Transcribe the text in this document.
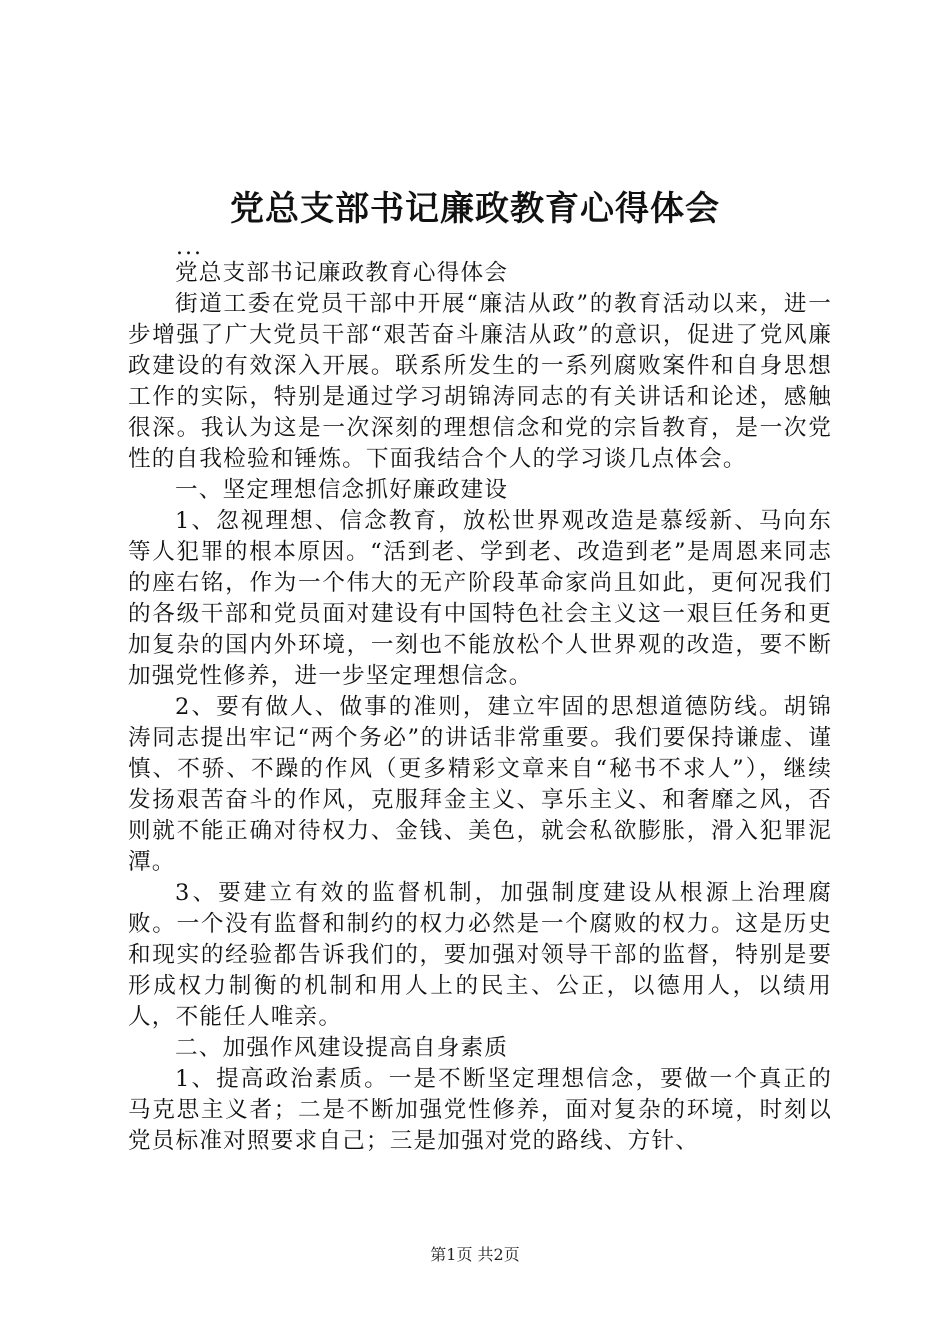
党总支部书记廉政教育心得体会
...

党总支部书记廉政教育心得体会

街道工委在党员干部中开展“廉洁从政”的教育活动以来，进一步增强了广大党员干部“艰苦奋斗廉洁从政”的意识，促进了党风廉政建设的有效深入开展。联系所发生的一系列腐败案件和自身思想工作的实际，特别是通过学习胡锦涛同志的有关讲话和论述，感触很深。我认为这是一次深刻的理想信念和党的宗旨教育，是一次党性的自我检验和锤炼。下面我结合个人的学习谈几点体会。

一、坚定理想信念抓好廉政建设

1、忽视理想、信念教育，放松世界观改造是慕绥新、马向东等人犯罪的根本原因。“活到老、学到老、改造到老”是周恩来同志的座右铭，作为一个伟大的无产阶段革命家尚且如此，更何况我们的各级干部和党员面对建设有中国特色社会主义这一艰巨任务和更加复杂的国内外环境，一刻也不能放松个人世界观的改造，要不断加强党性修养，进一步坚定理想信念。

2、要有做人、做事的准则，建立牢固的思想道德防线。胡锦涛同志提出牢记“两个务必”的讲话非常重要。我们要保持谦虚、谨慎、不骄、不躁的作风（更多精彩文章来自“秘书不求人”），继续发扬艰苦奋斗的作风，克服拜金主义、享乐主义、和奢靡之风，否则就不能正确对待权力、金钱、美色，就会私欲膨胀，滑入犯罪泥潭。

3、要建立有效的监督机制，加强制度建设从根源上治理腐败。一个没有监督和制约的权力必然是一个腐败的权力。这是历史和现实的经验都告诉我们的，要加强对领导干部的监督，特别是要形成权力制衡的机制和用人上的民主、公正，以德用人，以绩用人，不能任人唯亲。

二、加强作风建设提高自身素质

1、提高政治素质。一是不断坚定理想信念，要做一个真正的马克思主义者；二是不断加强党性修养，面对复杂的环境，时刻以党员标准对照要求自己；三是加强对党的路线、方针、

第1页 共2页
